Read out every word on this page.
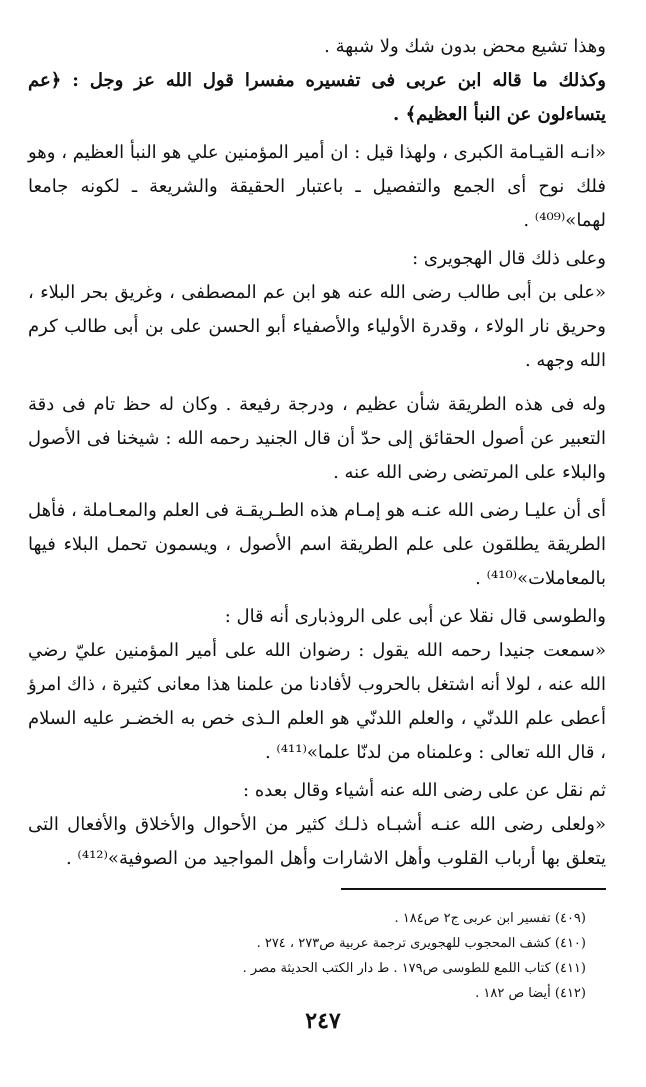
وهذا تشيع محض بدون شك ولا شبهة .

وكذلك ما قاله ابن عربى فى تفسيره مفسرا قول الله عز وجل : ﴿عم يتساءلون عن النبأ العظيم﴾ .

«انـه القيـامة الكبرى ، ولهذا قيل : ان أمير المؤمنين علي هو النبأ العظيم ، وهو فلك نوح أى الجمع والتفصيل ـ باعتبار الحقيقة والشريعة ـ لكونه جامعا لهما»⁽⁴⁰⁹⁾ .

وعلى ذلك قال الهجويرى :

«على بن أبى طالب رضى الله عنه هو ابن عم المصطفى ، وغريق بحر البلاء ، وحريق نار الولاء ، وقدرة الأولياء والأصفياء أبو الحسن على بن أبى طالب كرم الله وجهه .

وله فى هذه الطريقة شأن عظيم ، ودرجة رفيعة . وكان له حظ تام فى دقة التعبير عن أصول الحقائق إلى حدّ أن قال الجنيد رحمه الله : شيخنا فى الأصول والبلاء على المرتضى رضى الله عنه .

أى أن عليـا رضى الله عنـه هو إمـام هذه الطـريقـة فى العلم والمعـاملة ، فأهل الطريقة يطلقون على علم الطريقة اسم الأصول ، ويسمون تحمل البلاء فيها بالمعاملات»⁽⁴¹⁰⁾ .

والطوسى قال نقلا عن أبى على الروذبارى أنه قال :

«سمعت جنيدا رحمه الله يقول : رضوان الله على أمير المؤمنين عليّ رضي الله عنه ، لولا أنه اشتغل بالحروب لأفادنا من علمنا هذا معانى كثيرة ، ذاك امرؤ أعطى علم اللدنّي ، والعلم اللدنّي هو العلم الـذى خص به الخضـر عليه السلام ، قال الله تعالى : وعلمناه من لدنّا علما»⁽⁴¹¹⁾ .

ثم نقل عن على رضى الله عنه أشياء وقال بعده :

«ولعلى رضى الله عنـه أشبـاه ذلـك كثير من الأحوال والأخلاق والأفعال التى يتعلق بها أرباب القلوب وأهل الاشارات وأهل المواجيد من الصوفية»⁽⁴¹²⁾ .

(٤٠٩) تفسير ابن عربى ج٢ ص١٨٤ .

(٤١٠) كشف المحجوب للهجويرى ترجمة عربية ص٢٧٣ ، ٢٧٤ .

(٤١١) كتاب اللمع للطوسى ص١٧٩ . ط دار الكتب الحديثة مصر .

(٤١٢) أيضا ص ١٨٢ .

٢٤٧
